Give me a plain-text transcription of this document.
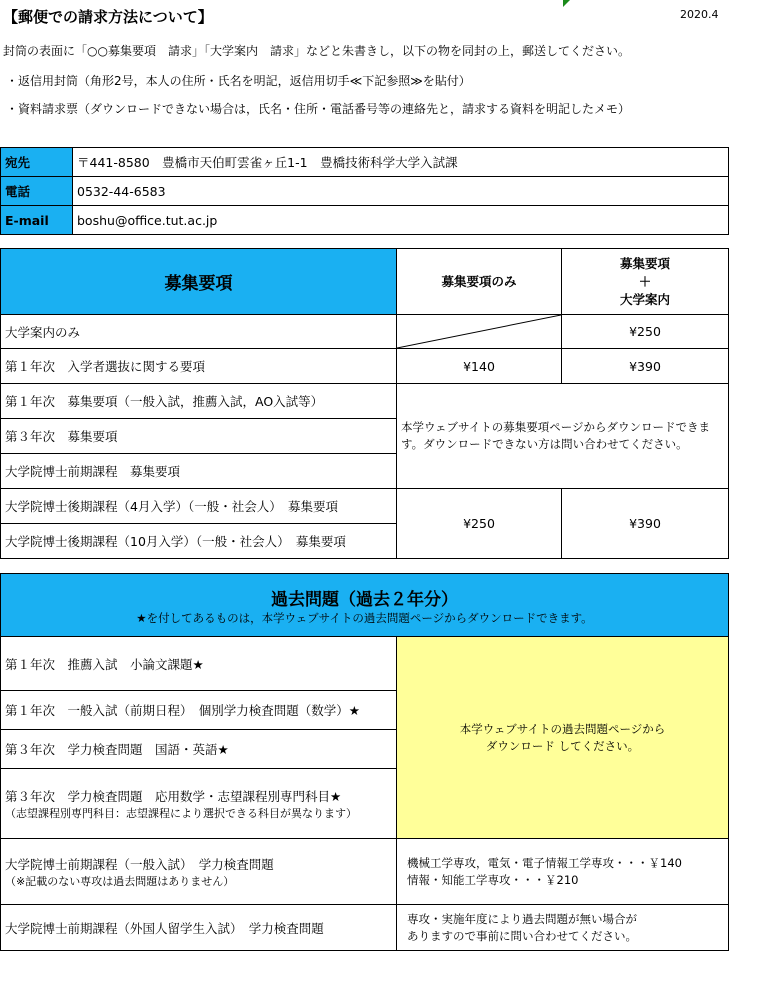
【郵便での請求方法について】	2020.4
封筒の表面に「○○募集要項　請求」「大学案内　請求」などと朱書きし，以下の物を同封の上，郵送してください。
・返信用封筒（角形2号，本人の住所・氏名を明記，返信用切手≪下記参照≫を貼付）
・資料請求票（ダウンロードできない場合は，氏名・住所・電話番号等の連絡先と，請求する資料を明記したメモ）
宛先	〒441-8580　豊橋市天伯町雲雀ヶ丘1-1　豊橋技術科学大学入試課
電話	0532-44-6583
E-mail	boshu@office.tut.ac.jp
募集要項	募集要項のみ	募集要項
＋
大学案内

大学案内のみ		¥250
第１年次　入学者選抜に関する要項	¥140	¥390
第１年次　募集要項（一般入試，推薦入試，AO入試等）	本学ウェブサイトの募集要項ページからダウンロードできます。ダウンロードできない方は問い合わせてください。	
第３年次　募集要項		
大学院博士前期課程　募集要項		
大学院博士後期課程（4月入学）（一般・社会人）　募集要項	¥250	¥390
大学院博士後期課程（10月入学）（一般・社会人）　募集要項		
過去問題（過去２年分）
★を付してあるものは，本学ウェブサイトの過去問題ページからダウンロードできます。	

第１年次　推薦入試　小論文課題★	本学ウェブサイトの過去問題ページから
ダウンロード してください。

第１年次　一般入試（前期日程）　個別学力検査問題（数学）★	
第３年次　学力検査問題　国語・英語★	

第３年次　学力検査問題　応用数学・志望課程別専門科目★
（志望課程別専門科目：志望課程により選択できる科目が異なります）	

大学院博士前期課程（一般入試）　学力検査問題
（※記載のない専攻は過去問題はありません）	機械工学専攻，電気・電子情報工学専攻・・・￥140
情報・知能工学専攻・・・￥210

大学院博士前期課程（外国人留学生入試）　学力検査問題	専攻・実施年度により過去問題が無い場合が
ありますので事前に問い合わせてください。
